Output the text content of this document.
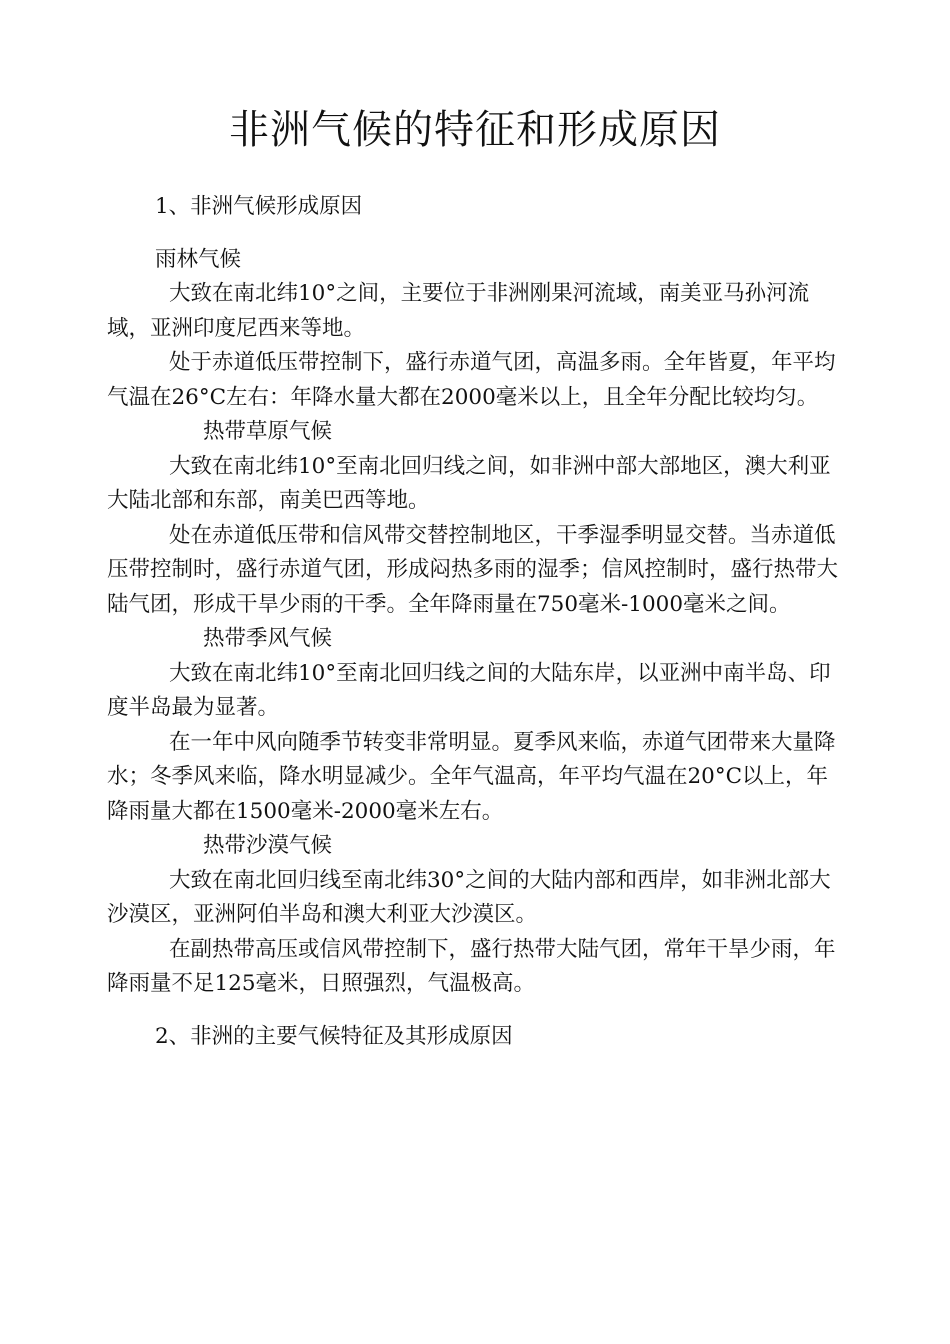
非洲气候的特征和形成原因

1、非洲气候形成原因

雨林气候

大致在南北纬10°之间，主要位于非洲刚果河流域，南美亚马孙河流域，亚洲印度尼西来等地。

处于赤道低压带控制下，盛行赤道气团，高温多雨。全年皆夏，年平均气温在26°C左右：年降水量大都在2000毫米以上，且全年分配比较均匀。

热带草原气候

大致在南北纬10°至南北回归线之间，如非洲中部大部地区，澳大利亚大陆北部和东部，南美巴西等地。

处在赤道低压带和信风带交替控制地区，干季湿季明显交替。当赤道低压带控制时，盛行赤道气团，形成闷热多雨的湿季；信风控制时，盛行热带大陆气团，形成干旱少雨的干季。全年降雨量在750毫米-1000毫米之间。

热带季风气候

大致在南北纬10°至南北回归线之间的大陆东岸，以亚洲中南半岛、印度半岛最为显著。

在一年中风向随季节转变非常明显。夏季风来临，赤道气团带来大量降水；冬季风来临，降水明显减少。全年气温高，年平均气温在20°C以上，年降雨量大都在1500毫米-2000毫米左右。

热带沙漠气候

大致在南北回归线至南北纬30°之间的大陆内部和西岸，如非洲北部大沙漠区，亚洲阿伯半岛和澳大利亚大沙漠区。

在副热带高压或信风带控制下，盛行热带大陆气团，常年干旱少雨，年降雨量不足125毫米，日照强烈，气温极高。

2、非洲的主要气候特征及其形成原因
